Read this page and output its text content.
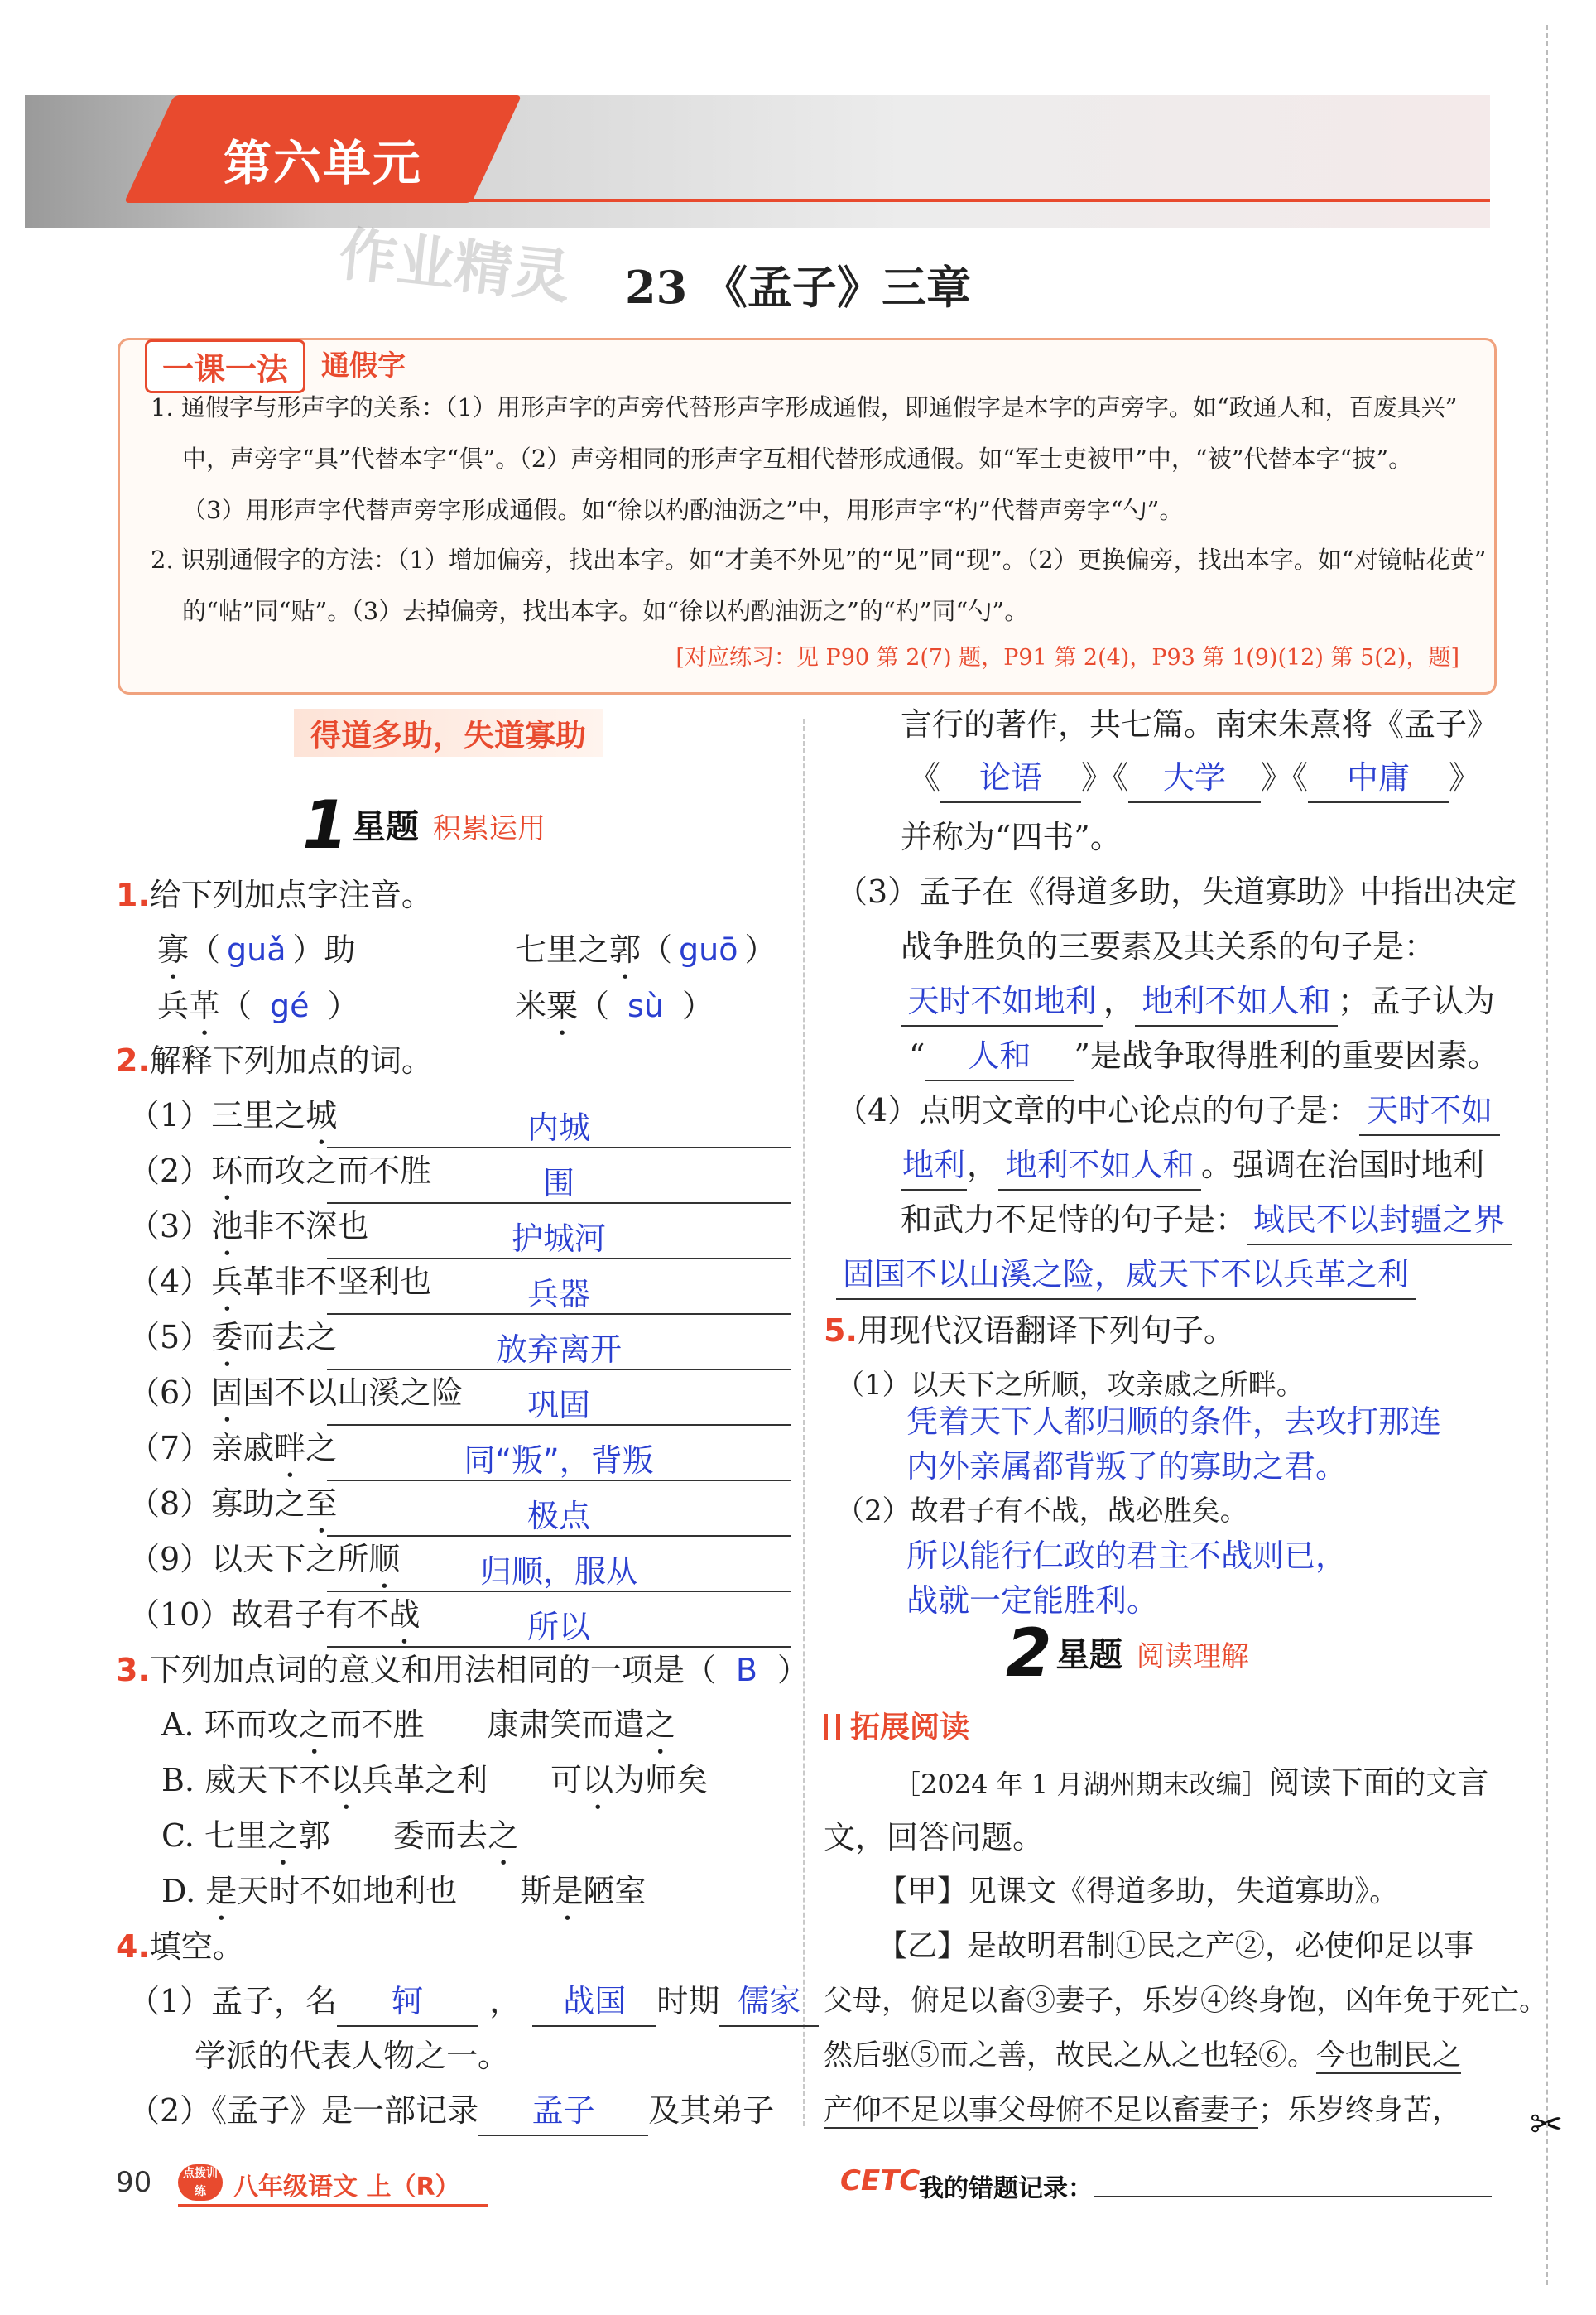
第六单元
作业精灵	23 《孟子》三章
一课一法	通假字
1. 通假字与形声字的关系：（1）用形声字的声旁代替形声字形成通假，即通假字是本字的声旁字。如“政通人和，百废具兴”
中，声旁字“具”代替本字“俱”。（2）声旁相同的形声字互相代替形成通假。如“军士吏被甲”中，“被”代替本字“披”。
（3）用形声字代替声旁字形成通假。如“徐以杓酌油沥之”中，用形声字“杓”代替声旁字“勺”。
2. 识别通假字的方法：（1）增加偏旁，找出本字。如“才美不外见”的“见”同“现”。（2）更换偏旁，找出本字。如“对镜帖花黄”
的“帖”同“贴”。（3）去掉偏旁，找出本字。如“徐以杓酌油沥之”的“杓”同“勺”。
[对应练习：见 P90 第 2(7) 题，P91 第 2(4)，P93 第 1(9)(12) 第 5(2)，题]
得道多助，失道寡助
1 星题 积累运用
1.给下列加点字注音。
寡（ guǎ ）助	七里之郭（ guō ）
兵革（ gé ）	米粟（ sù ）
2.解释下列加点的词。
（1）三里之城	内城
（2）环而攻之而不胜	围
（3）池非不深也	护城河
（4）兵革非不坚利也	兵器
（5）委而去之	放弃离开
（6）固国不以山溪之险	巩固
（7）亲戚畔之	同“叛”，背叛
（8）寡助之至	极点
（9）以天下之所顺	归顺，服从
（10）故君子有不战	所以
3.下列加点词的意义和用法相同的一项是（ B ）
A. 环而攻之而不胜　　康肃笑而遣之
B. 威天下不以兵革之利　　可以为师矣
C. 七里之郭　　委而去之
D. 是天时不如地利也　　斯是陋室
4.填空。
（1）孟子，名 轲 ， 战国 时期 儒家
学派的代表人物之一。
（2）《孟子》是一部记录 孟子 及其弟子
言行的著作，共七篇。南宋朱熹将《孟子》
《 论语 》《 大学 》《 中庸 》
并称为“四书”。
（3）孟子在《得道多助，失道寡助》中指出决定
战争胜负的三要素及其关系的句子是：
天时不如地利 ， 地利不如人和 ；孟子认为
“ 人和 ”是战争取得胜利的重要因素。
（4）点明文章的中心论点的句子是： 天时不如
地利， 地利不如人和 。强调在治国时地利
和武力不足恃的句子是： 域民不以封疆之界
固国不以山溪之险，威天下不以兵革之利
5.用现代汉语翻译下列句子。
（1）以天下之所顺，攻亲戚之所畔。
凭着天下人都归顺的条件，去攻打那连
内外亲属都背叛了的寡助之君。
（2）故君子有不战，战必胜矣。
所以能行仁政的君主不战则已，
战就一定能胜利。
2 星题 阅读理解
拓展阅读
［2024 年 1 月湖州期末改编］阅读下面的文言
文，回答问题。
【甲】见课文《得道多助，失道寡助》。
【乙】是故明君制①民之产②，必使仰足以事
父母，俯足以畜③妻子，乐岁④终身饱，凶年免于死亡。
然后驱⑤而之善，故民之从之也轻⑥。今也制民之
产仰不足以事父母俯不足以畜妻子；乐岁终身苦， ✂
90	点拨训练	八年级语文 上（R）	CETC
我的错题记录：
